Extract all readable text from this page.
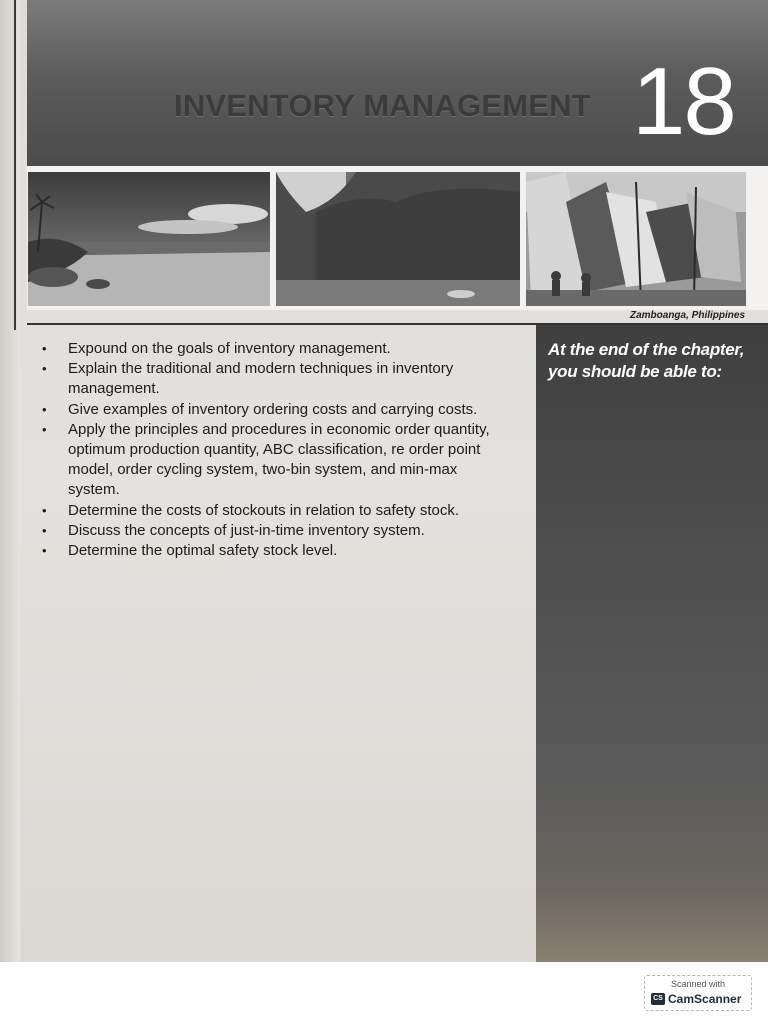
INVENTORY MANAGEMENT 18
Zamboanga, Philippines
At the end of the chapter, you should be able to:
• Expound on the goals of inventory management.
• Explain the traditional and modern techniques in inventory management.
• Give examples of inventory ordering costs and carrying costs.
• Apply the principles and procedures in economic order quantity, optimum production quantity, ABC classification, re order point model, order cycling system, two-bin system, and min-max system.
• Determine the costs of stockouts in relation to safety stock.
• Discuss the concepts of just-in-time inventory system.
• Determine the optimal safety stock level.
Scanned with
CS CamScanner
